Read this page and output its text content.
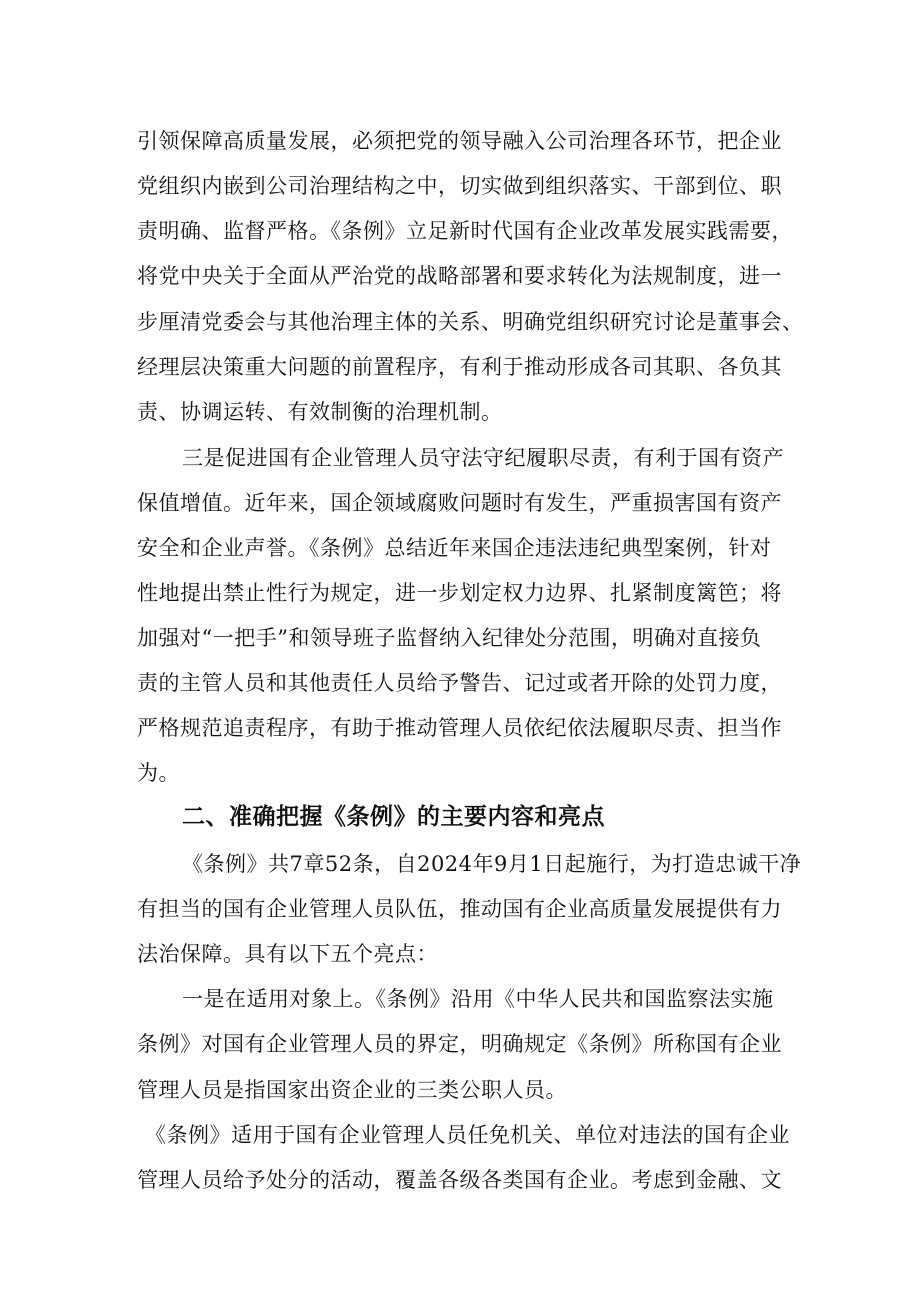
引领保障高质量发展，必须把党的领导融入公司治理各环节，把企业
党组织内嵌到公司治理结构之中，切实做到组织落实、干部到位、职
责明确、监督严格。《条例》立足新时代国有企业改革发展实践需要，
将党中央关于全面从严治党的战略部署和要求转化为法规制度，进一
步厘清党委会与其他治理主体的关系、明确党组织研究讨论是董事会、
经理层决策重大问题的前置程序，有利于推动形成各司其职、各负其
责、协调运转、有效制衡的治理机制。
三是促进国有企业管理人员守法守纪履职尽责，有利于国有资产
保值增值。近年来，国企领域腐败问题时有发生，严重损害国有资产
安全和企业声誉。《条例》总结近年来国企违法违纪典型案例，针对
性地提出禁止性行为规定，进一步划定权力边界、扎紧制度篱笆；将
加强对“一把手”和领导班子监督纳入纪律处分范围，明确对直接负
责的主管人员和其他责任人员给予警告、记过或者开除的处罚力度，
严格规范追责程序，有助于推动管理人员依纪依法履职尽责、担当作
为。
二、准确把握《条例》的主要内容和亮点
《条例》共7章52条，自2024年9月1日起施行，为打造忠诚干净
有担当的国有企业管理人员队伍，推动国有企业高质量发展提供有力
法治保障。具有以下五个亮点：
一是在适用对象上。《条例》沿用《中华人民共和国监察法实施
条例》对国有企业管理人员的界定，明确规定《条例》所称国有企业
管理人员是指国家出资企业的三类公职人员。
《条例》适用于国有企业管理人员任免机关、单位对违法的国有企业
管理人员给予处分的活动，覆盖各级各类国有企业。考虑到金融、文
